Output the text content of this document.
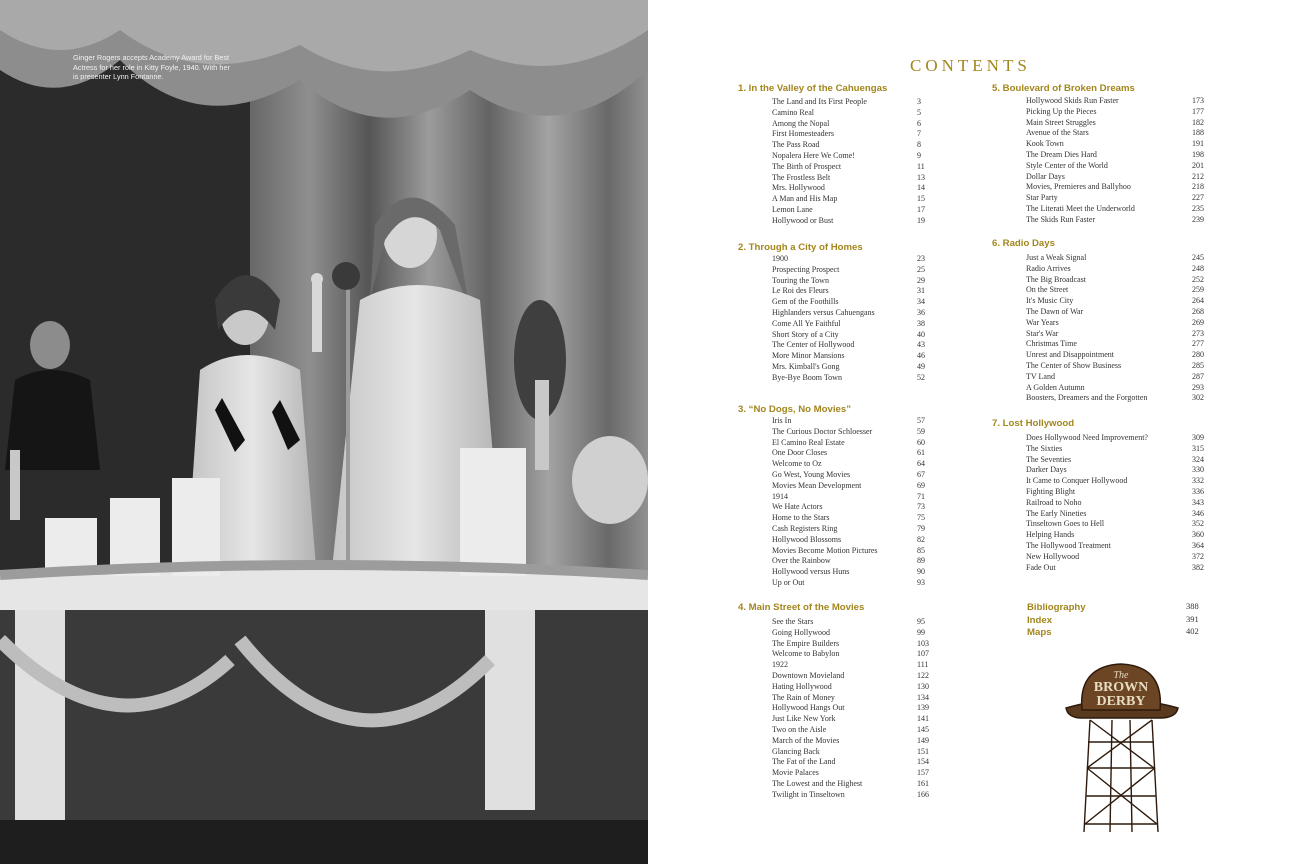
Ginger Rogers accepts Academy Award for Best Actress for her role in Kitty Foyle, 1940. With her is presenter Lynn Fontanne.
CONTENTS
1. In the Valley of the Cahuengas
The Land and Its First People	3
Camino Real	5
Among the Nopal	6
First Homesteaders	7
The Pass Road	8
Nopalera Here We Come!	9
The Birth of Prospect	11
The Frostless Belt	13
Mrs. Hollywood	14
A Man and His Map	15
Lemon Lane	17
Hollywood or Bust	19
2. Through a City of Homes
1900	23
Prospecting Prospect	25
Touring the Town	29
Le Roi des Fleurs	31
Gem of the Foothills	34
Highlanders versus Cahuengans	36
Come All Ye Faithful	38
Short Story of a City	40
The Center of Hollywood	43
More Minor Mansions	46
Mrs. Kimball's Gong	49
Bye-Bye Boom Town	52
3. “No Dogs, No Movies”
Iris In	57
The Curious Doctor Schloesser	59
El Camino Real Estate	60
One Door Closes	61
Welcome to Oz	64
Go West, Young Movies	67
Movies Mean Development	69
1914	71
We Hate Actors	73
Home to the Stars	75
Cash Registers Ring	79
Hollywood Blossoms	82
Movies Become Motion Pictures	85
Over the Rainbow	89
Hollywood versus Huns	90
Up or Out	93
4. Main Street of the Movies
See the Stars	95
Going Hollywood	99
The Empire Builders	103
Welcome to Babylon	107
1922	111
Downtown Movieland	122
Hating Hollywood	130
The Rain of Money	134
Hollywood Hangs Out	139
Just Like New York	141
Two on the Aisle	145
March of the Movies	149
Glancing Back	151
The Fat of the Land	154
Movie Palaces	157
The Lowest and the Highest	161
Twilight in Tinseltown	166
5. Boulevard of Broken Dreams
Hollywood Skids Run Faster	173
Picking Up the Pieces	177
Main Street Struggles	182
Avenue of the Stars	188
Kook Town	191
The Dream Dies Hard	198
Style Center of the World	201
Dollar Days	212
Movies, Premieres and Ballyhoo	218
Star Party	227
The Literati Meet the Underworld	235
The Skids Run Faster	239
6. Radio Days
Just a Weak Signal	245
Radio Arrives	248
The Big Broadcast	252
On the Street	259
It's Music City	264
The Dawn of War	268
War Years	269
Star's War	273
Christmas Time	277
Unrest and Disappointment	280
The Center of Show Business	285
TV Land	287
A Golden Autumn	293
Boosters, Dreamers and the Forgotten	302
7. Lost Hollywood
Does Hollywood Need Improvement?	309
The Sixties	315
The Seventies	324
Darker Days	330
It Came to Conquer Hollywood	332
Fighting Blight	336
Railroad to Noho	343
The Early Nineties	346
Tinseltown Goes to Hell	352
Helping Hands	360
The Hollywood Treatment	364
New Hollywood	372
Fade Out	382
Bibliography	388
Index	391
Maps	402
The
BROWN
DERBY
